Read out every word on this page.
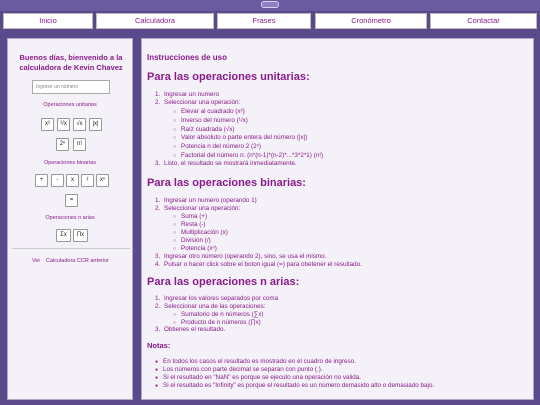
Inicio	Calculadora	Frases	Cronómetro	Contactar
Buenos días, bienvenido a la calculadora de Kevin Chavez
Ingrese un número
Operaciones unitarias
x²	¹/x	√x	|x|
2ⁿ	n!
Operaciones binarias
+	-	x	/	xⁿ
=
Operaciones n arias
Σx	Πx
Ver Calculadora CCR anterior
Instrucciones de uso
Para las operaciones unitarias:
1. Ingresar un numero
2. Seleccionar una operación:
○ Elevar al cuadrado (x²)
○ Inverso del número (¹/x)
○ Raíz cuadrada (√x)
○ Valor absoluto o parte entera del número (|x|)
○ Potencia n del número 2 (2ⁿ)
○ Factorial del número n: (n*(n-1)*(n-2)*...*3*2*1) (n!)
3. Listo, el resultado se mostrará inmediatamente.
Para las operaciones binarias:
1. Ingresar un numero (operando 1)
2. Seleccionar una operación:
○ Suma (+)
○ Resta (-)
○ Multiplicación (x)
○ División (/)
○ Potencia (xⁿ)
3. Ingresar otro número (operando 2), sino, se usa el mismo.
4. Pulsar o hacer click sobre el boton igual (=) para obetener el resultado.
Para las operaciones n arias:
1. Ingresar los valores separados por coma
2. Seleccionar una de las operaciones:
○ Sumatorio de n números (∑x)
○ Producto de n números (∏x)
3. Obtienes el resultado.
Notas:
● En todos los casos el resultado es mostrado en el cuadro de ingreso.
● Los números con parte decimal se separan con punto (.).
● Si el resultado en "NaN" es porque se ejecuto una operación no valida.
● Si el resultado es "Infinity" es porque el resultado es un número demasido alto o demasiado bajo.
